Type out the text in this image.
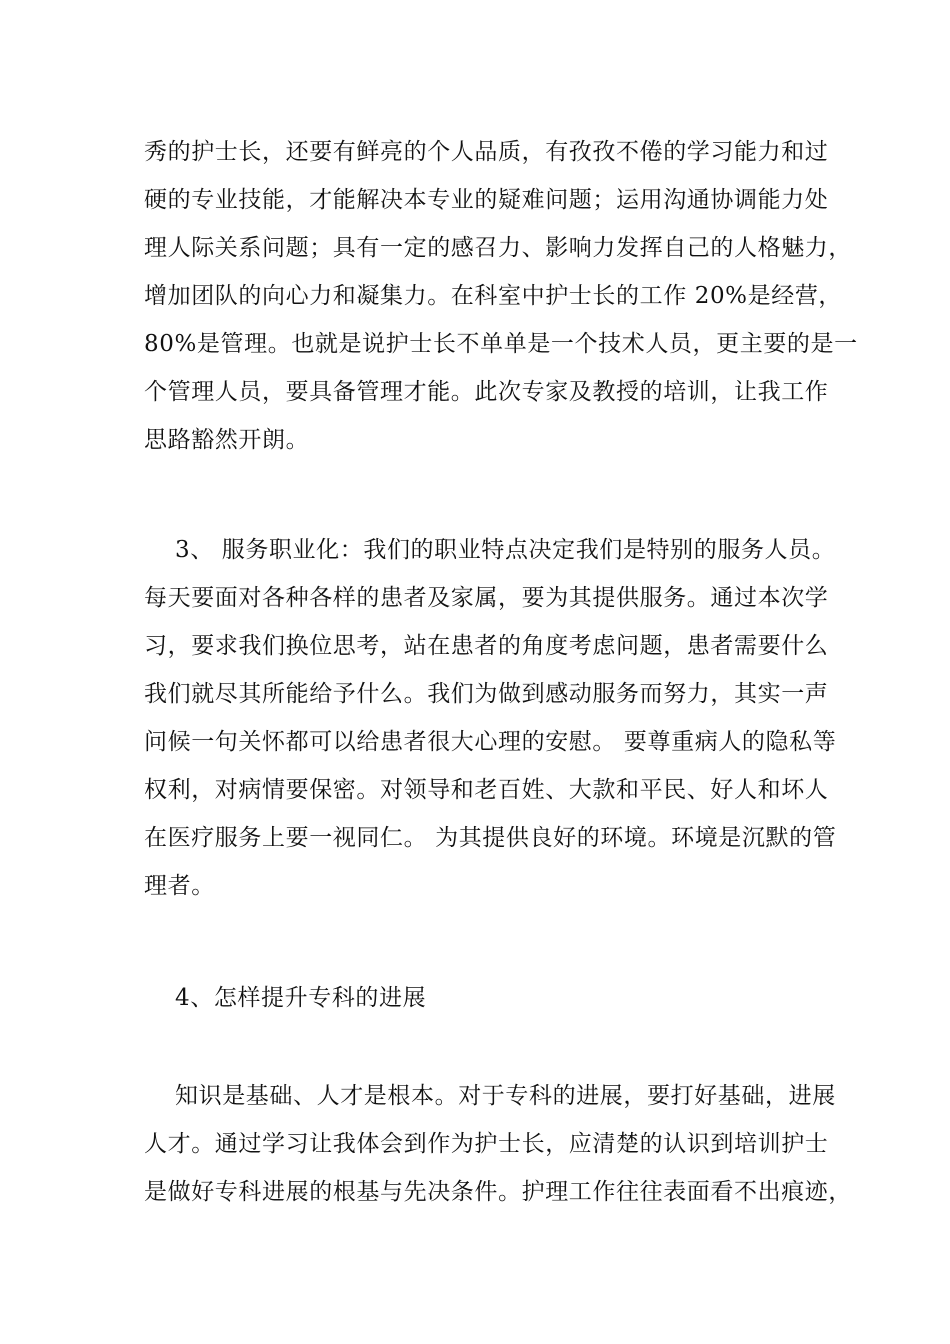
秀的护士长，还要有鲜亮的个人品质，有孜孜不倦的学习能力和过
硬的专业技能，才能解决本专业的疑难问题；运用沟通协调能力处
理人际关系问题；具有一定的感召力、影响力发挥自己的人格魅力，
增加团队的向心力和凝集力。在科室中护士长的工作 20%是经营，
80%是管理。也就是说护士长不单单是一个技术人员，更主要的是一
个管理人员，要具备管理才能。此次专家及教授的培训，让我工作
思路豁然开朗。
3、 服务职业化：我们的职业特点决定我们是特别的服务人员。
每天要面对各种各样的患者及家属，要为其提供服务。通过本次学
习，要求我们换位思考，站在患者的角度考虑问题，患者需要什么
我们就尽其所能给予什么。我们为做到感动服务而努力，其实一声
问候一句关怀都可以给患者很大心理的安慰。 要尊重病人的隐私等
权利，对病情要保密。对领导和老百姓、大款和平民、好人和坏人
在医疗服务上要一视同仁。 为其提供良好的环境。环境是沉默的管
理者。
4、怎样提升专科的进展
知识是基础、人才是根本。对于专科的进展，要打好基础，进展
人才。通过学习让我体会到作为护士长，应清楚的认识到培训护士
是做好专科进展的根基与先决条件。护理工作往往表面看不出痕迹，
